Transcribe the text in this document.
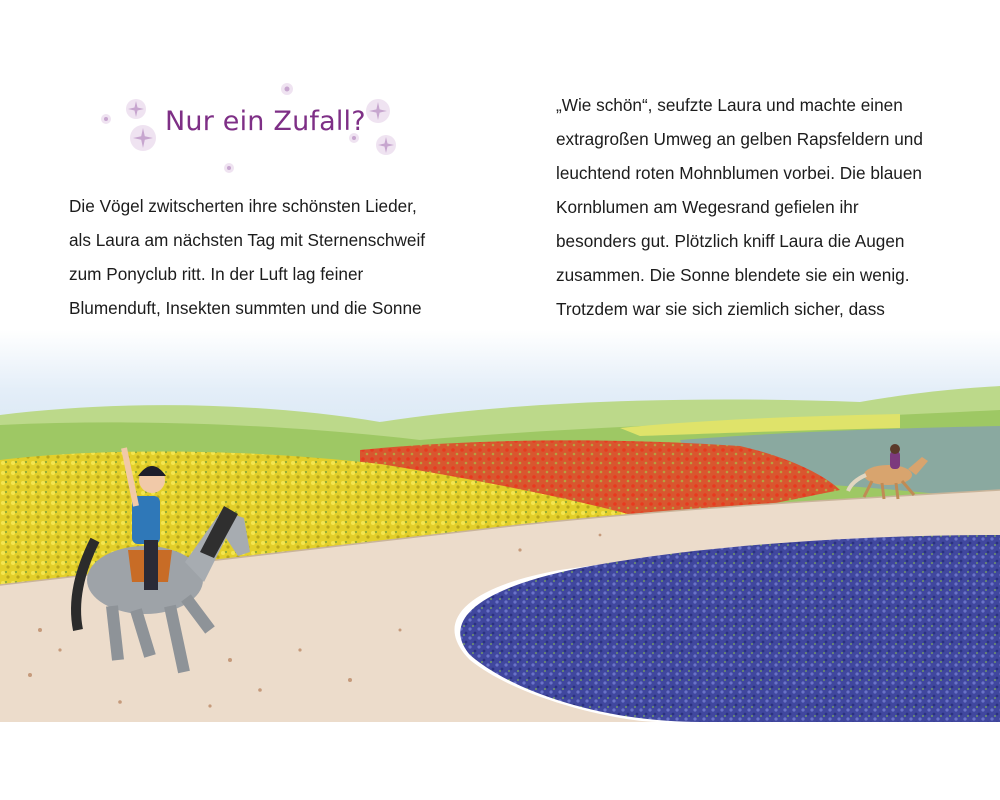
Nur ein Zufall?

Die Vögel zwitscherten ihre schönsten Lieder,
als Laura am nächsten Tag mit Sternenschweif
zum Ponyclub ritt. In der Luft lag feiner
Blumenduft, Insekten summten und die Sonne

„Wie schön“, seufzte Laura und machte einen
extragroßen Umweg an gelben Rapsfeldern und
leuchtend roten Mohnblumen vorbei. Die blauen
Kornblumen am Wegesrand gefielen ihr
besonders gut. Plötzlich kniff Laura die Augen
zusammen. Die Sonne blendete sie ein wenig.
Trotzdem war sie sich ziemlich sicher, dass
